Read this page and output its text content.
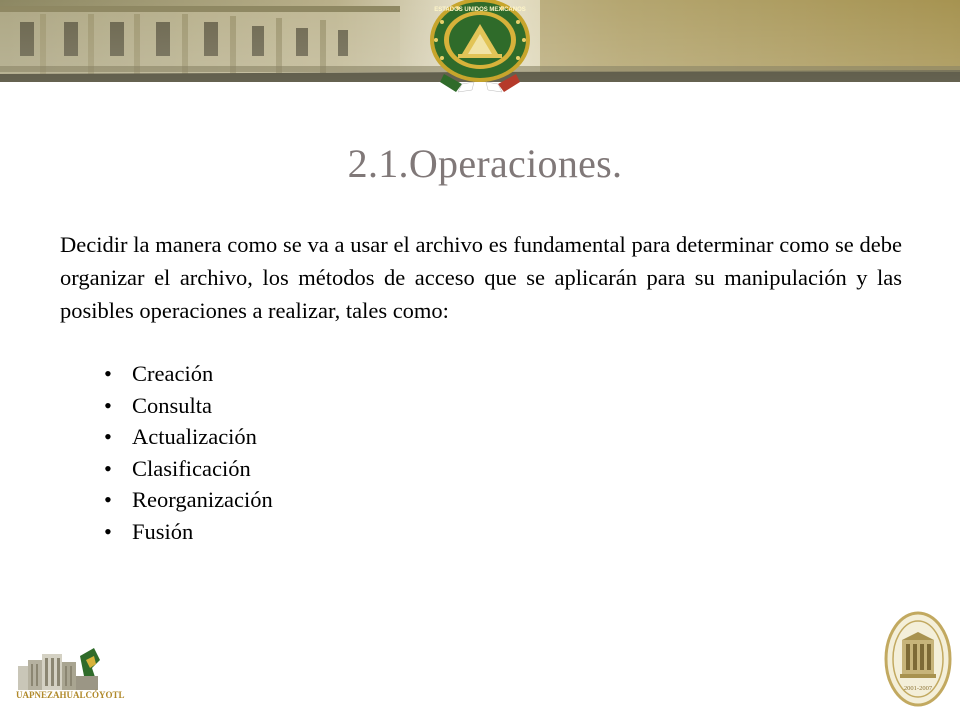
ESTADOS UNIDOS MEXICANOS
2.1.Operaciones.
Decidir la manera como se va a usar el archivo es fundamental para determinar como se debe organizar el archivo, los métodos de acceso que se aplicarán para su manipulación y las posibles operaciones a realizar, tales como:
• Creación
• Consulta
• Actualización
• Clasificación
• Reorganización
• Fusión
UAPNEZAHUALCÓYOTL
2001-2007
